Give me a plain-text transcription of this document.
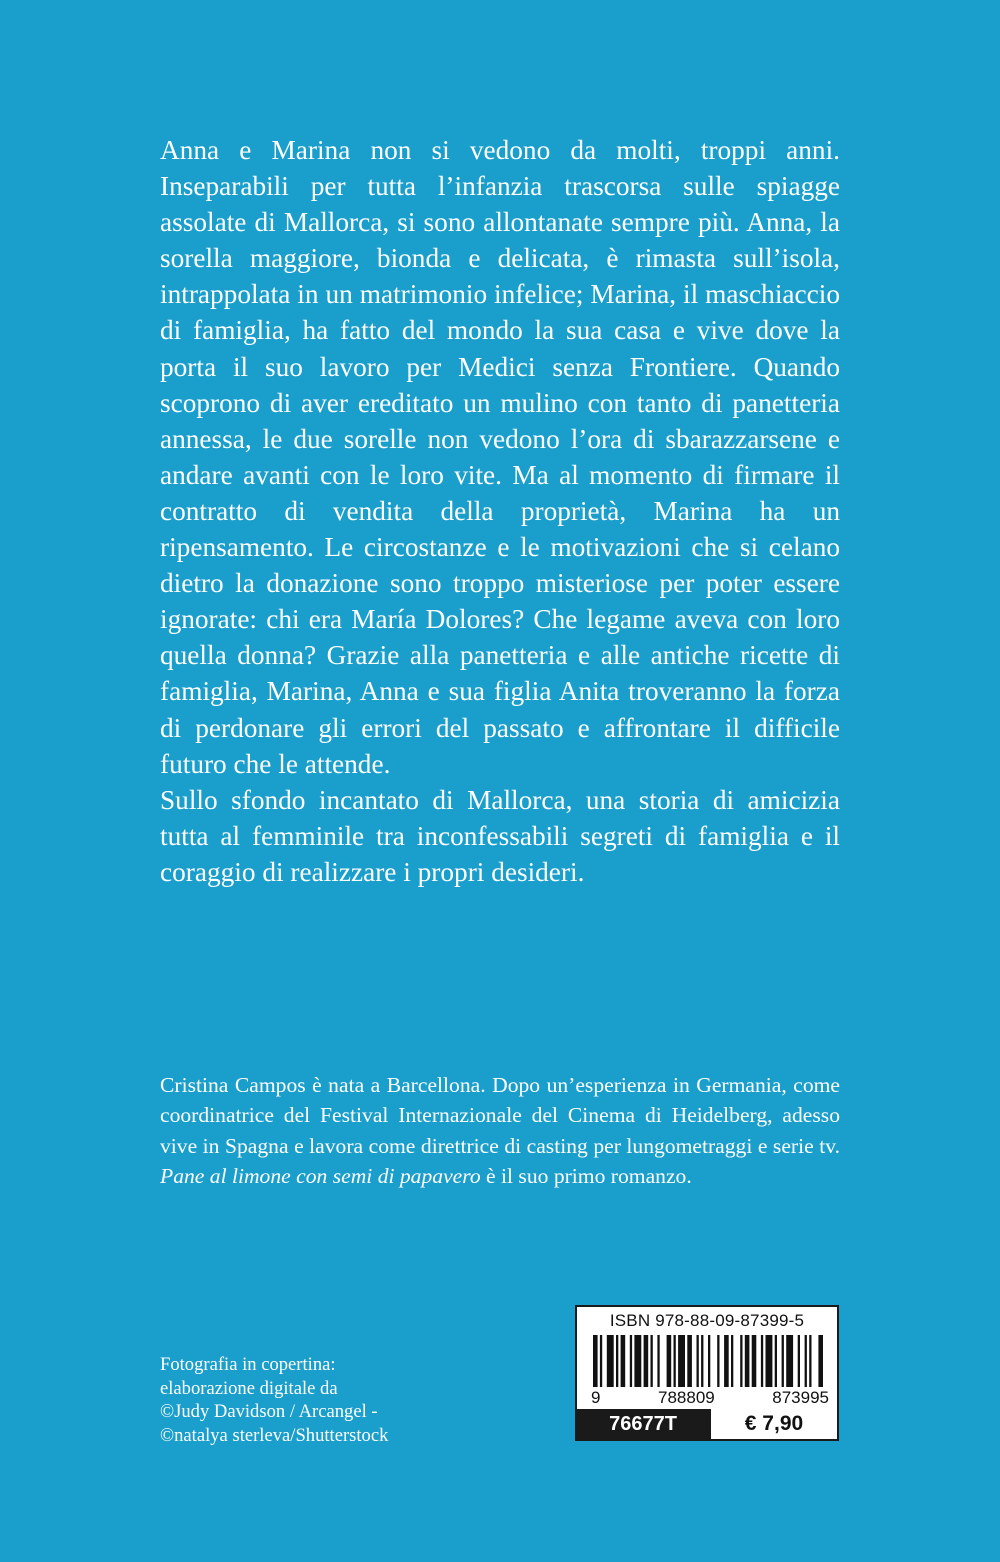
Anna e Marina non si vedono da molti, troppi anni. Inseparabili per tutta l’infanzia trascorsa sulle spiagge assolate di Mallorca, si sono allontanate sempre più. Anna, la sorella maggiore, bionda e delicata, è rimasta sull’isola, intrappolata in un matrimonio infelice; Marina, il maschiaccio di famiglia, ha fatto del mondo la sua casa e vive dove la porta il suo lavoro per Medici senza Frontiere. Quando scoprono di aver ereditato un mulino con tanto di panetteria annessa, le due sorelle non vedono l’ora di sbarazzarsene e andare avanti con le loro vite. Ma al momento di firmare il contratto di vendita della proprietà, Marina ha un ripensamento. Le circostanze e le motivazioni che si celano dietro la donazione sono troppo misteriose per poter essere ignorate: chi era María Dolores? Che legame aveva con loro quella donna? Grazie alla panetteria e alle antiche ricette di famiglia, Marina, Anna e sua figlia Anita troveranno la forza di perdonare gli errori del passato e affrontare il difficile futuro che le attende.

Sullo sfondo incantato di Mallorca, una storia di amicizia tutta al femminile tra inconfessabili segreti di famiglia e il coraggio di realizzare i propri desideri.

Cristina Campos è nata a Barcellona. Dopo un’esperienza in Germania, come coordinatrice del Festival Internazionale del Cinema di Heidelberg, adesso vive in Spagna e lavora come direttrice di casting per lungometraggi e serie tv. Pane al limone con semi di papavero è il suo primo romanzo.

Fotografia in copertina:
elaborazione digitale da
©Judy Davidson / Arcangel -
©natalya sterleva/Shutterstock
ISBN 978-88-09-87399-5
9	788809	873995
76677T	€ 7,90
